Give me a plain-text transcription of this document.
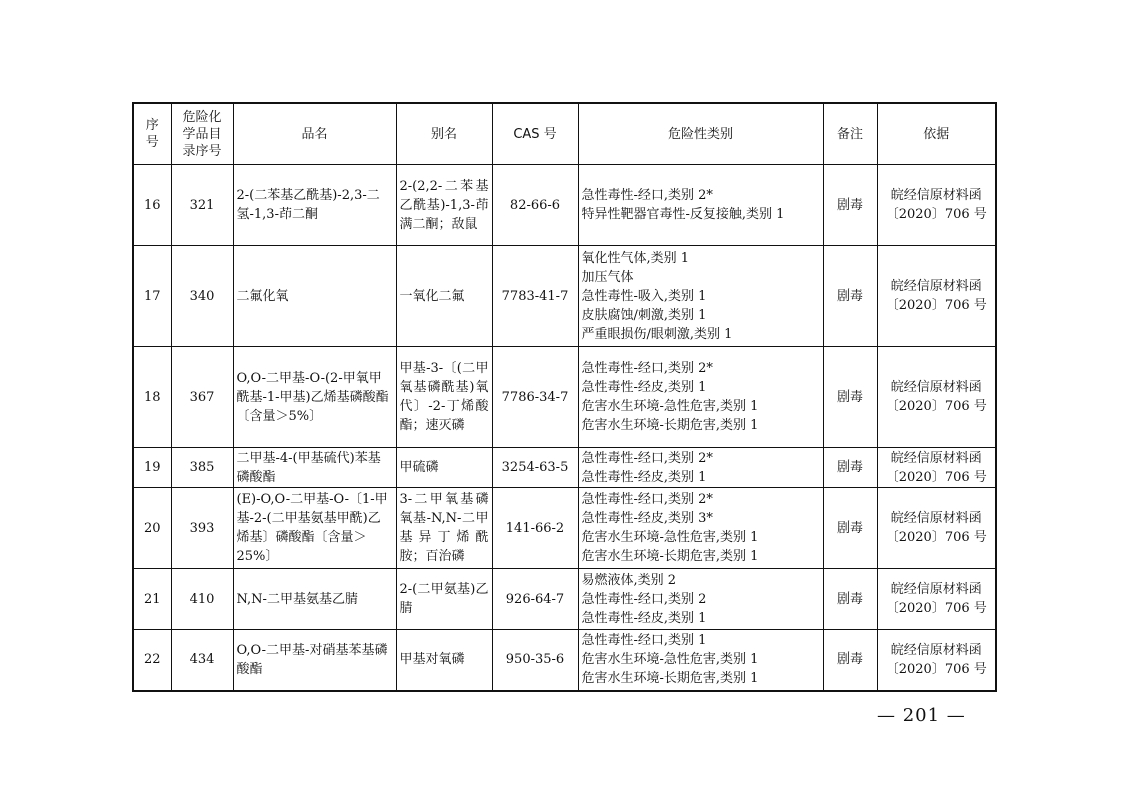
序号	危险化学品目录序号	品名	别名	CAS 号	危险性类别	备注	依据
16	321	2-(二苯基乙酰基)-2,3-二氢-1,3-茚二酮	2-(2,2-二苯基乙酰基)-1,3-茚满二酮；敌鼠	82-66-6	急性毒性-经口,类别 2*
特异性靶器官毒性-反复接触,类别 1	剧毒	皖经信原材料函
〔2020〕706 号

17	340	二氟化氧	一氧化二氟	7783-41-7	氧化性气体,类别 1
加压气体
急性毒性-吸入,类别 1
皮肤腐蚀/刺激,类别 1
严重眼损伤/眼刺激,类别 1	剧毒	皖经信原材料函
〔2020〕706 号

18	367	O,O-二甲基-O-(2-甲氧甲酰基-1-甲基)乙烯基磷酸酯〔含量＞5%〕	甲基-3-〔(二甲氧基磷酰基)氧代〕-2-丁烯酸酯；速灭磷	7786-34-7	急性毒性-经口,类别 2*
急性毒性-经皮,类别 1
危害水生环境-急性危害,类别 1
危害水生环境-长期危害,类别 1	剧毒	皖经信原材料函
〔2020〕706 号

19	385	二甲基-4-(甲基硫代)苯基磷酸酯	甲硫磷	3254-63-5	急性毒性-经口,类别 2*
急性毒性-经皮,类别 1	剧毒	皖经信原材料函
〔2020〕706 号

20	393	(E)-O,O-二甲基-O-〔1-甲基-2-(二甲基氨基甲酰)乙烯基〕磷酸酯〔含量＞25%〕	3-二甲氧基磷氧基-N,N-二甲基异丁烯酰胺；百治磷	141-66-2	急性毒性-经口,类别 2*
急性毒性-经皮,类别 3*
危害水生环境-急性危害,类别 1
危害水生环境-长期危害,类别 1	剧毒	皖经信原材料函
〔2020〕706 号

21	410	N,N-二甲基氨基乙腈	2-(二甲氨基)乙腈	926-64-7	易燃液体,类别 2
急性毒性-经口,类别 2
急性毒性-经皮,类别 1	剧毒	皖经信原材料函
〔2020〕706 号

22	434	O,O-二甲基-对硝基苯基磷酸酯	甲基对氧磷	950-35-6	急性毒性-经口,类别 1
危害水生环境-急性危害,类别 1
危害水生环境-长期危害,类别 1	剧毒	皖经信原材料函
〔2020〕706 号
— 201 —
